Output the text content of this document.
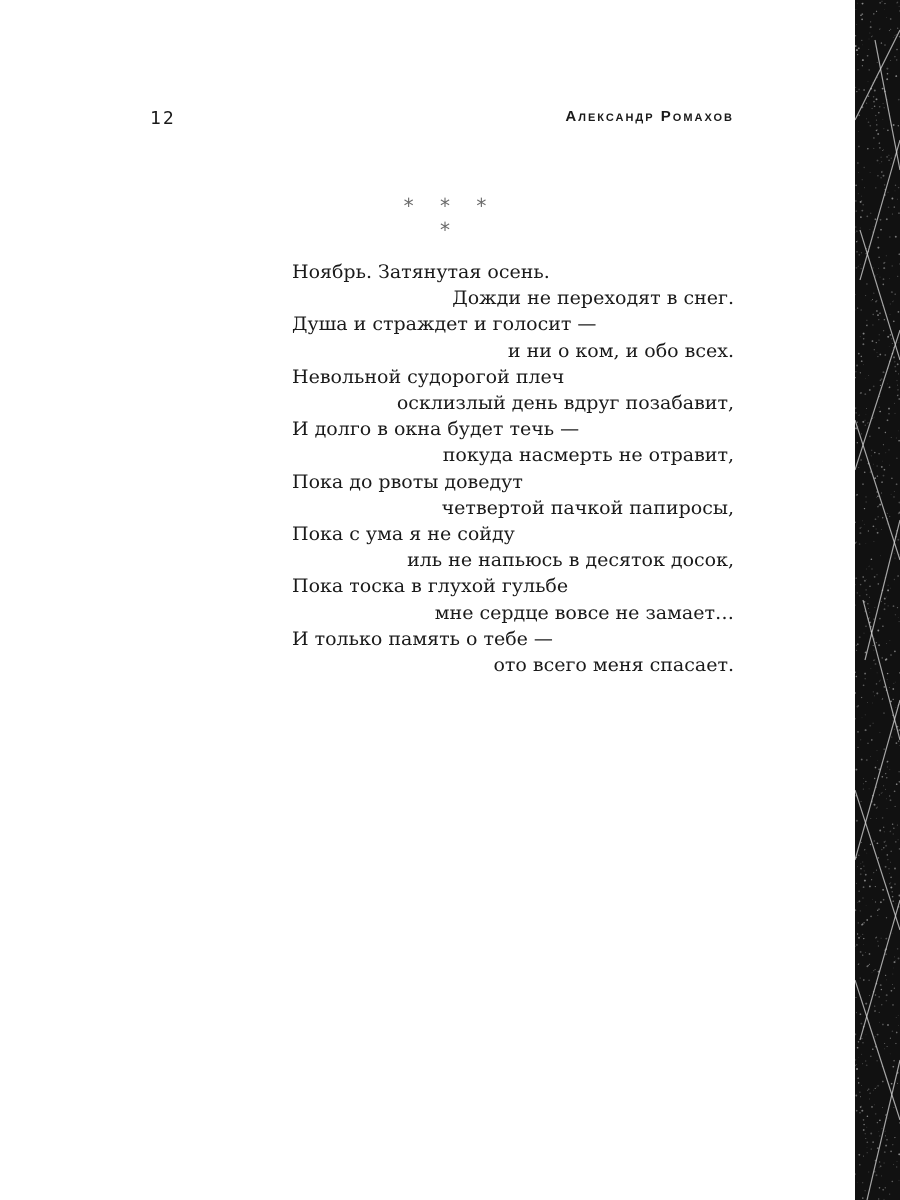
12	Александр Ромахов
* * * *
Ноябрь. Затянутая осень.
Дожди не переходят в снег.
Душа и страждет и голосит —
и ни о ком, и обо всех.
Невольной судорогой плеч
осклизлый день вдруг позабавит,
И долго в окна будет течь —
покуда насмерть не отравит,
Пока до рвоты доведут
четвертой пачкой папиросы,
Пока с ума я не сойду
иль не напьюсь в десяток досок,
Пока тоска в глухой гульбе
мне сердце вовсе не замает…
И только память о тебе —
ото всего меня спасает.
